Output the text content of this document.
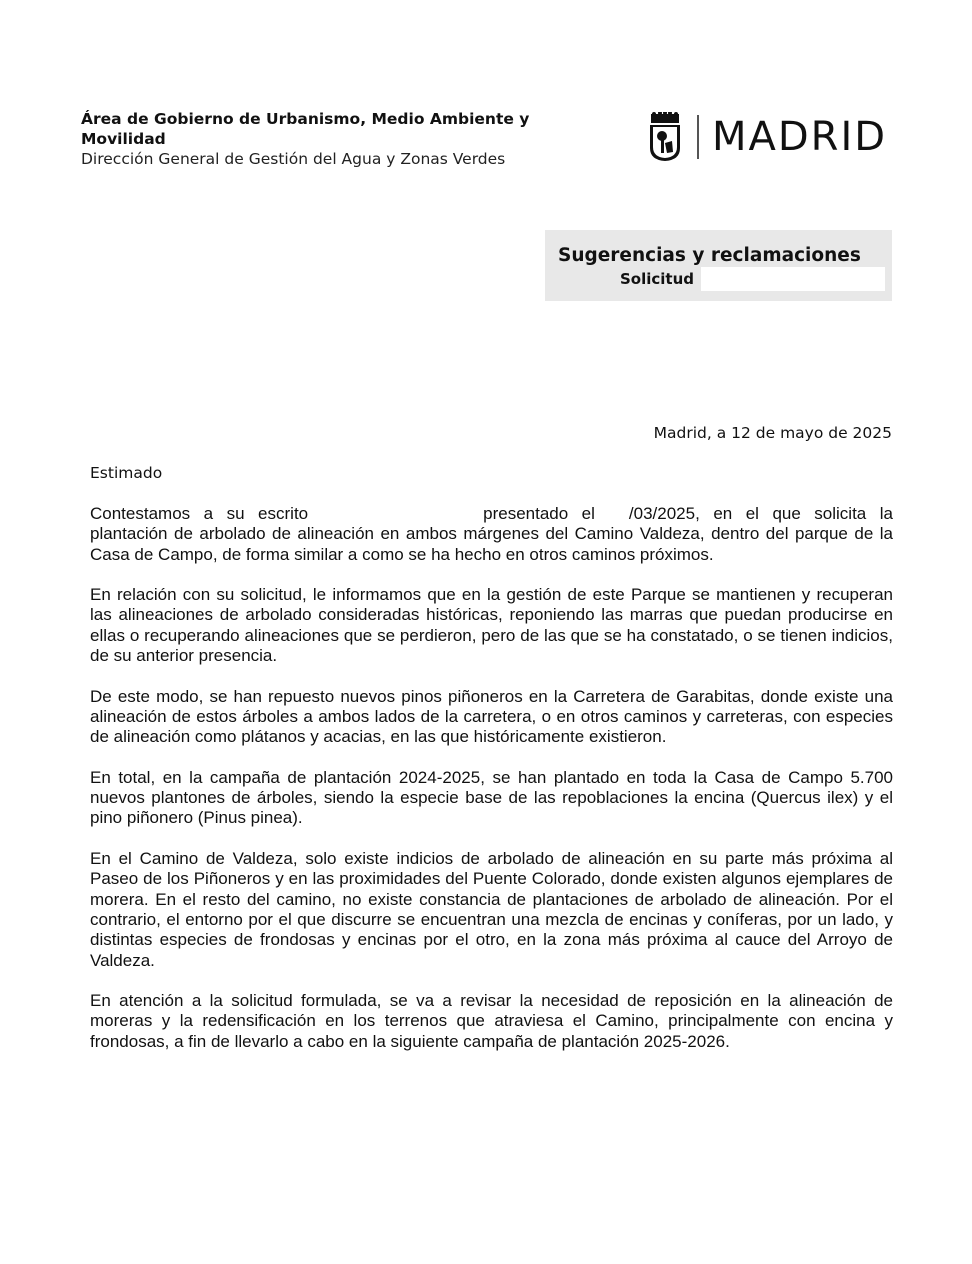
Área de Gobierno de Urbanismo, Medio Ambiente y Movilidad
Dirección General de Gestión del Agua y Zonas Verdes	MADRID
Sugerencias y reclamaciones
Solicitud
Madrid, a 12 de mayo de 2025
Estimado

Contestamos a su escrito	presentado el /03/2025, en el que solicita la plantación de arbolado de alineación en ambos márgenes del Camino Valdeza, dentro del parque de la Casa de Campo, de forma similar a como se ha hecho en otros caminos próximos.

En relación con su solicitud, le informamos que en la gestión de este Parque se mantienen y recuperan las alineaciones de arbolado consideradas históricas, reponiendo las marras que puedan producirse en ellas o recuperando alineaciones que se perdieron, pero de las que se ha constatado, o se tienen indicios, de su anterior presencia.

De este modo, se han repuesto nuevos pinos piñoneros en la Carretera de Garabitas, donde existe una alineación de estos árboles a ambos lados de la carretera, o en otros caminos y carreteras, con especies de alineación como plátanos y acacias, en las que históricamente existieron.

En total, en la campaña de plantación 2024-2025, se han plantado en toda la Casa de Campo 5.700 nuevos plantones de árboles, siendo la especie base de las repoblaciones la encina (Quercus ilex) y el pino piñonero (Pinus pinea).

En el Camino de Valdeza, solo existe indicios de arbolado de alineación en su parte más próxima al Paseo de los Piñoneros y en las proximidades del Puente Colorado, donde existen algunos ejemplares de morera. En el resto del camino, no existe constancia de plantaciones de arbolado de alineación. Por el contrario, el entorno por el que discurre se encuentran una mezcla de encinas y coníferas, por un lado, y distintas especies de frondosas y encinas por el otro, en la zona más próxima al cauce del Arroyo de Valdeza.

En atención a la solicitud formulada, se va a revisar la necesidad de reposición en la alineación de moreras y la redensificación en los terrenos que atraviesa el Camino, principalmente con encina y frondosas, a fin de llevarlo a cabo en la siguiente campaña de plantación 2025-2026.
